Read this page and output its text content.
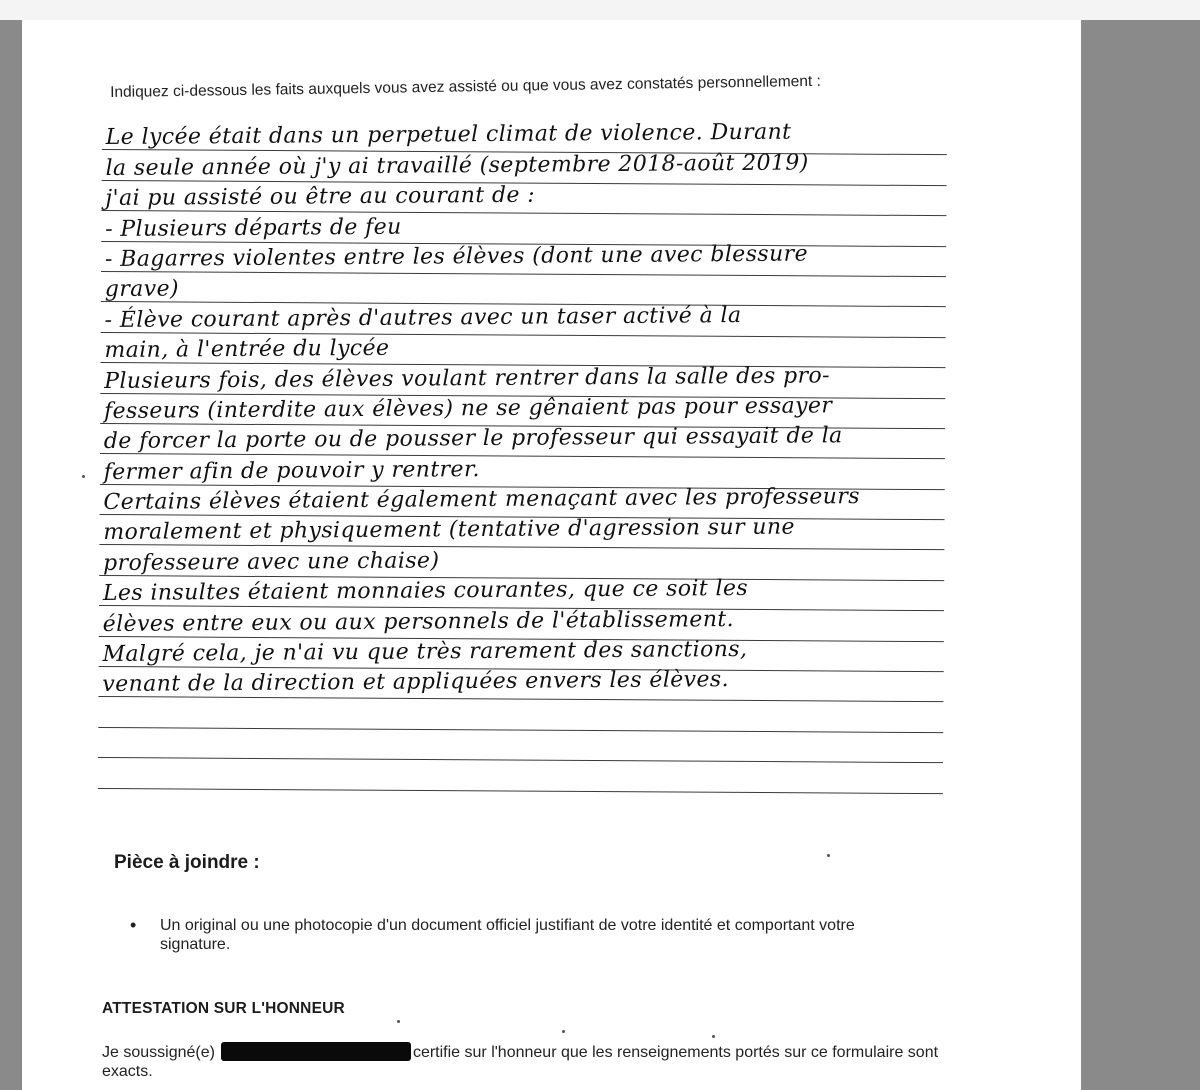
Indiquez ci-dessous les faits auxquels vous avez assisté ou que vous avez constatés personnellement :
Le lycée était dans un perpetuel climat de violence. Durant
la seule année où j'y ai travaillé (septembre 2018-août 2019)
j'ai pu assisté ou être au courant de :
- Plusieurs départs de feu
- Bagarres violentes entre les élèves (dont une avec blessure
grave)
- Élève courant après d'autres avec un taser activé à la
main, à l'entrée du lycée
Plusieurs fois, des élèves voulant rentrer dans la salle des pro-
fesseurs (interdite aux élèves) ne se gênaient pas pour essayer
de forcer la porte ou de pousser le professeur qui essayait de la
fermer afin de pouvoir y rentrer.
Certains élèves étaient également menaçant avec les professeurs
moralement et physiquement (tentative d'agression sur une
professeure avec une chaise)
Les insultes étaient monnaies courantes, que ce soit les
élèves entre eux ou aux personnels de l'établissement.
Malgré cela, je n'ai vu que très rarement des sanctions,
venant de la direction et appliquées envers les élèves.
Pièce à joindre :
•	Un original ou une photocopie d'un document officiel justifiant de votre identité et comportant votre signature.
ATTESTATION SUR L'HONNEUR
Je soussigné(e)	certifie sur l'honneur que les renseignements portés sur ce formulaire sont exacts.
